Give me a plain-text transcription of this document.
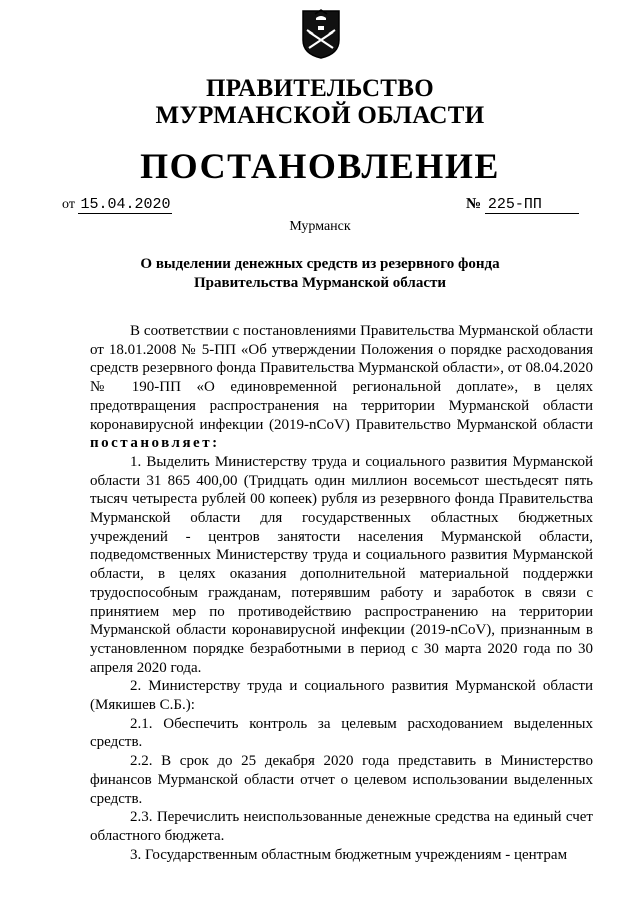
ПРАВИТЕЛЬСТВО
МУРМАНСКОЙ ОБЛАСТИ
ПОСТАНОВЛЕНИЕ
от 15.04.2020	№ 225-ПП
Мурманск
О выделении денежных средств из резервного фонда
Правительства Мурманской области

В соответствии с постановлениями Правительства Мурманской области от 18.01.2008 № 5-ПП «Об утверждении Положения о порядке расходования средств резервного фонда Правительства Мурманской области», от 08.04.2020 № 190-ПП «О единовременной региональной доплате», в целях предотвращения распространения на территории Мурманской области коронавирусной инфекции (2019-nCoV) Правительство Мурманской области постановляет:

1. Выделить Министерству труда и социального развития Мурманской области 31 865 400,00 (Тридцать один миллион восемьсот шестьдесят пять тысяч четыреста рублей 00 копеек) рубля из резервного фонда Правительства Мурманской области для государственных областных бюджетных учреждений - центров занятости населения Мурманской области, подведомственных Министерству труда и социального развития Мурманской области, в целях оказания дополнительной материальной поддержки трудоспособным гражданам, потерявшим работу и заработок в связи с принятием мер по противодействию распространению на территории Мурманской области коронавирусной инфекции (2019-nCoV), признанным в установленном порядке безработными в период с 30 марта 2020 года по 30 апреля 2020 года.

2. Министерству труда и социального развития Мурманской области (Мякишев С.Б.):

2.1. Обеспечить контроль за целевым расходованием выделенных средств.

2.2. В срок до 25 декабря 2020 года представить в Министерство финансов Мурманской области отчет о целевом использовании выделенных средств.

2.3. Перечислить неиспользованные денежные средства на единый счет областного бюджета.

3. Государственным областным бюджетным учреждениям - центрам
